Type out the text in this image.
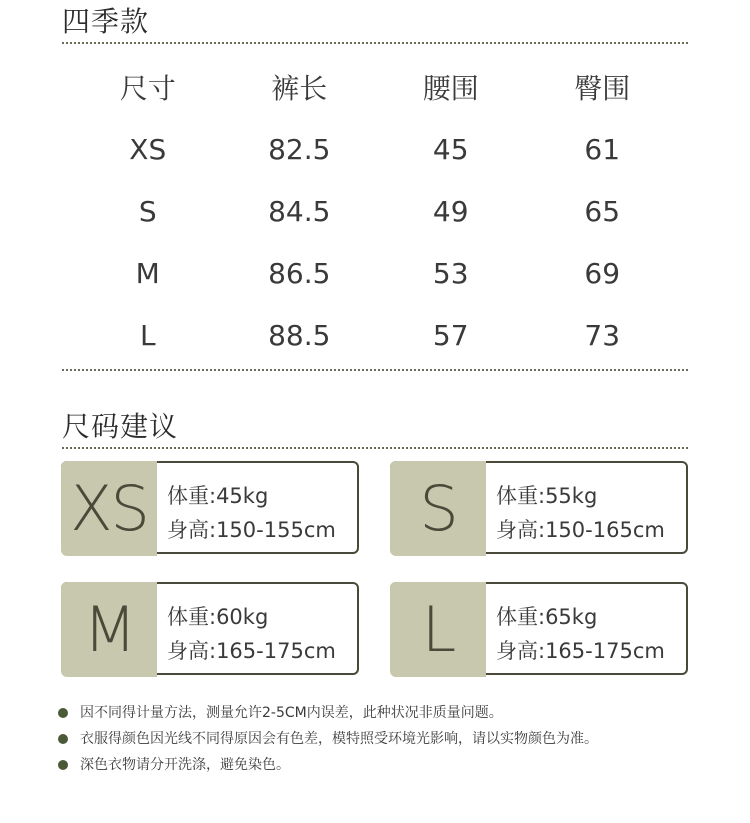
四季款
尺寸	裤长	腰围	臀围
XS	82.5	45	61
S	84.5	49	65
M	86.5	53	69
L	88.5	57	73
尺码建议
XS 体重:45kg
身高:150-155cm	S	体重:55kg
身高:150-165cm
M	体重:60kg
身高:165-175cm	L	体重:65kg
身高:165-175cm
因不同得计量方法，测量允许2-5CM内误差，此种状况非质量问题。
衣服得颜色因光线不同得原因会有色差，模特照受环境光影响，请以实物颜色为准。
深色衣物请分开洗涤，避免染色。
